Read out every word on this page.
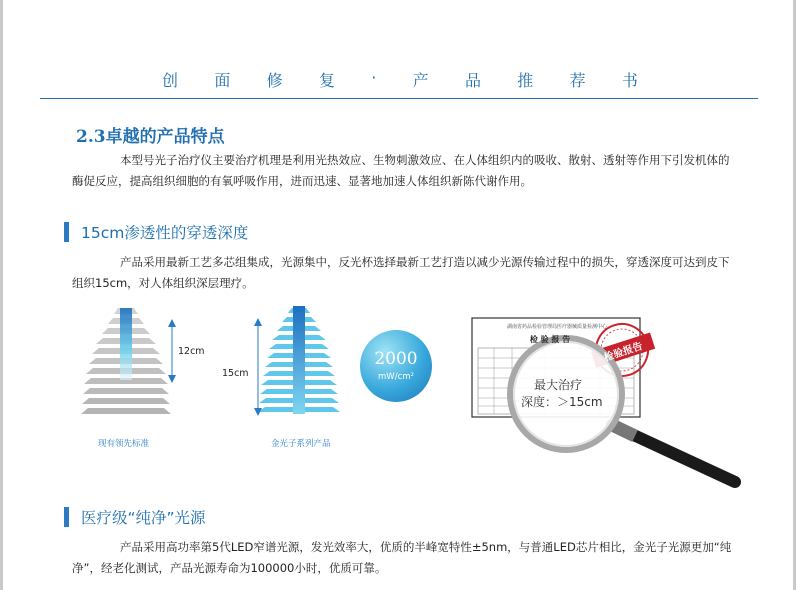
创 面 修 复 · 产 品 推 荐 书
2.3卓越的产品特点
本型号光子治疗仪主要治疗机理是利用光热效应、生物刺激效应、在人体组织内的吸收、散射、透射等作用下引发机体的酶促反应，提高组织细胞的有氧呼吸作用，进而迅速、显著地加速人体组织新陈代谢作用。
15cm渗透性的穿透深度
产品采用最新工艺多芯组集成，光源集中，反光杯选择最新工艺打造以减少光源传输过程中的损失，穿透深度可达到皮下组织15cm，对人体组织深层理疗。
12cm
15cm
现有领先标准	金光子系列产品
2000
mW/cm²
湖南省药品检验管理局医疗器械质量检测中心
检 验 报 告
检验报告
最大治疗
深度：＞15cm
医疗级“纯净”光源
产品采用高功率第5代LED窄谱光源，发光效率大，优质的半峰宽特性±5nm，与普通LED芯片相比，金光子光源更加“纯净”，经老化测试，产品光源寿命为100000小时，优质可靠。
